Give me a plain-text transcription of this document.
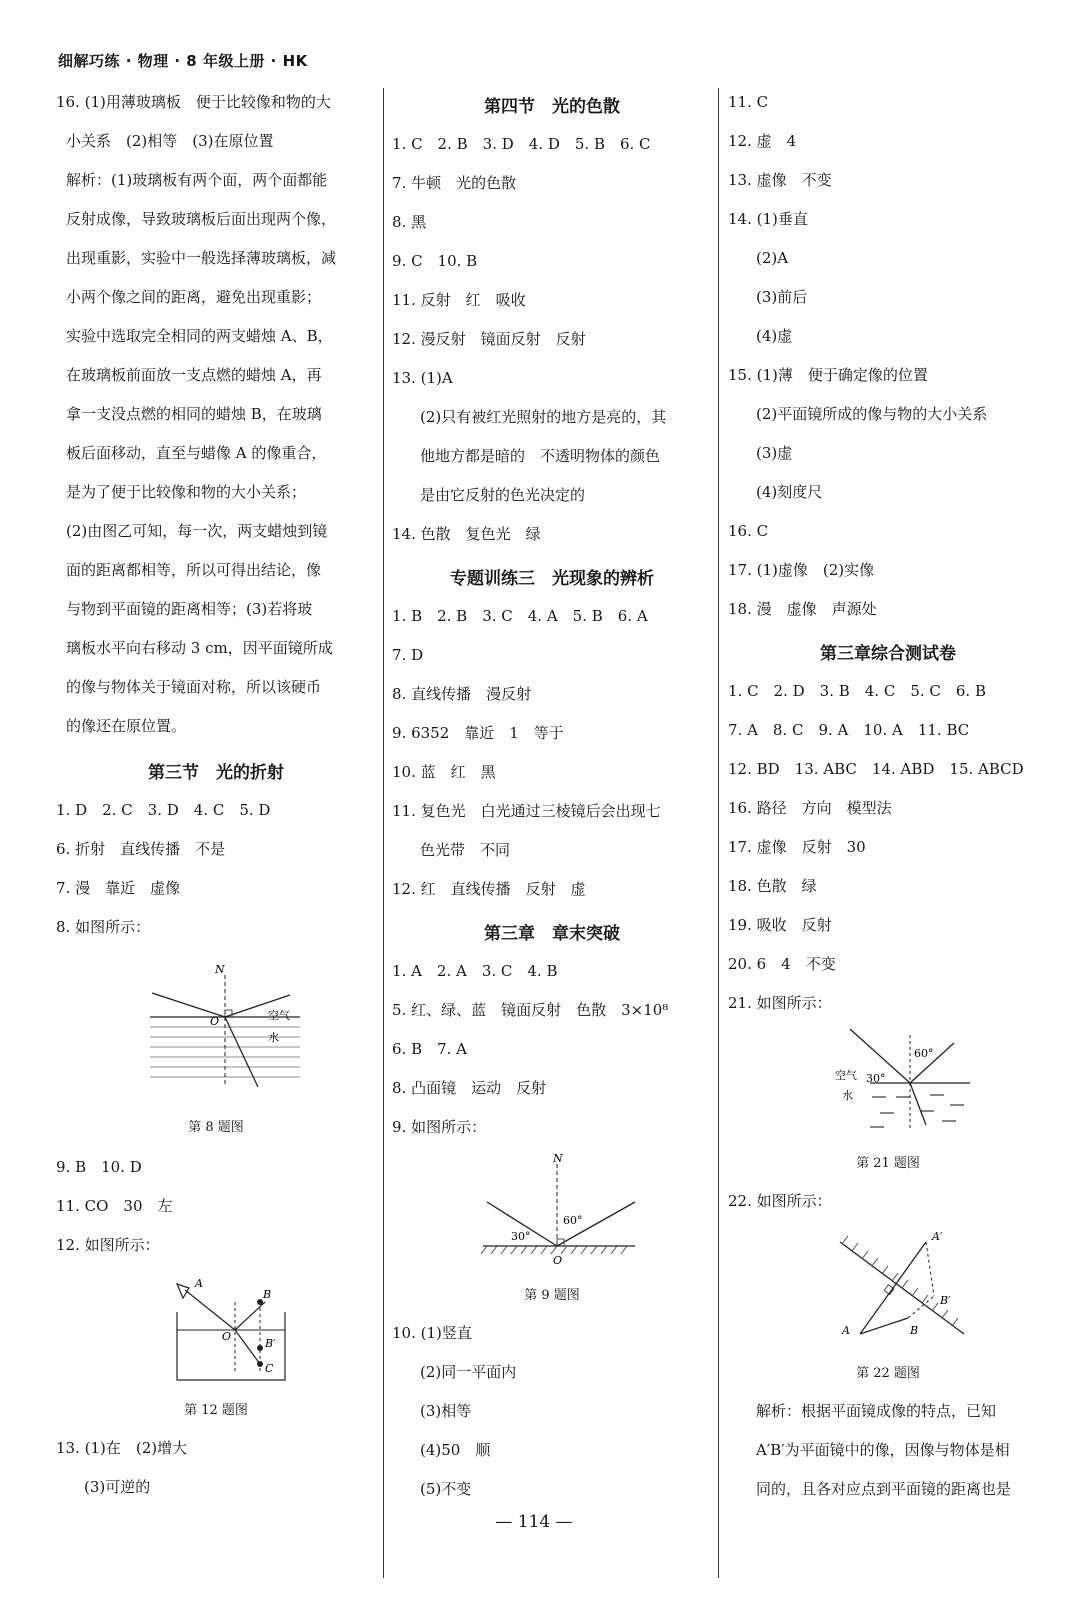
细解巧练 · 物理 · 8 年级上册 · HK
16. (1)用薄玻璃板　便于比较像和物的大
小关系　(2)相等　(3)在原位置
解析：(1)玻璃板有两个面，两个面都能
反射成像，导致玻璃板后面出现两个像，
出现重影，实验中一般选择薄玻璃板，减
小两个像之间的距离，避免出现重影；
实验中选取完全相同的两支蜡烛 A、B，
在玻璃板前面放一支点燃的蜡烛 A，再
拿一支没点燃的相同的蜡烛 B，在玻璃
板后面移动，直至与蜡像 A 的像重合，
是为了便于比较像和物的大小关系；
(2)由图乙可知，每一次，两支蜡烛到镜
面的距离都相等，所以可得出结论，像
与物到平面镜的距离相等；(3)若将玻
璃板水平向右移动 3 cm，因平面镜所成
的像与物体关于镜面对称，所以该硬币
的像还在原位置。
第三节　光的折射
1. D　2. C　3. D　4. C　5. D
6. 折射　直线传播　不是
7. 漫　靠近　虚像
8. 如图所示：
N
O	空气
水
第 8 题图
9. B　10. D
11. CO　30　左
12. 如图所示：
A
B
O
B′
C
第 12 题图
13. (1)在　(2)增大
(3)可逆的
第四节　光的色散
1. C　2. B　3. D　4. D　5. B　6. C
7. 牛顿　光的色散
8. 黑
9. C　10. B
11. 反射　红　吸收
12. 漫反射　镜面反射　反射
13. (1)A
(2)只有被红光照射的地方是亮的，其
他地方都是暗的　不透明物体的颜色
是由它反射的色光决定的
14. 色散　复色光　绿
专题训练三　光现象的辨析
1. B　2. B　3. C　4. A　5. B　6. A
7. D
8. 直线传播　漫反射
9. 6352　靠近　1　等于
10. 蓝　红　黑
11. 复色光　白光通过三棱镜后会出现七
色光带　不同
12. 红　直线传播　反射　虚
第三章　章末突破
1. A　2. A　3. C　4. B
5. 红、绿、蓝　镜面反射　色散　3×10⁸
6. B　7. A
8. 凸面镜　运动　反射
9. 如图所示：
N
30°
60°
O
第 9 题图
10. (1)竖直
(2)同一平面内
(3)相等
(4)50　顺
(5)不变
11. C
12. 虚　4
13. 虚像　不变
14. (1)垂直
(2)A
(3)前后
(4)虚
15. (1)薄　便于确定像的位置
(2)平面镜所成的像与物的大小关系
(3)虚
(4)刻度尺
16. C
17. (1)虚像　(2)实像
18. 漫　虚像　声源处
第三章综合测试卷
1. C　2. D　3. B　4. C　5. C　6. B
7. A　8. C　9. A　10. A　11. BC
12. BD　13. ABC　14. ABD　15. ABCD
16. 路径　方向　模型法
17. 虚像　反射　30
18. 色散　绿
19. 吸收　反射
20. 6　4　不变
21. 如图所示：
60°
空气 30°
水
第 21 题图
22. 如图所示：
A′
B′
A	B
第 22 题图
解析：根据平面镜成像的特点，已知
A′B′为平面镜中的像，因像与物体是相
同的，且各对应点到平面镜的距离也是
— 114 —
